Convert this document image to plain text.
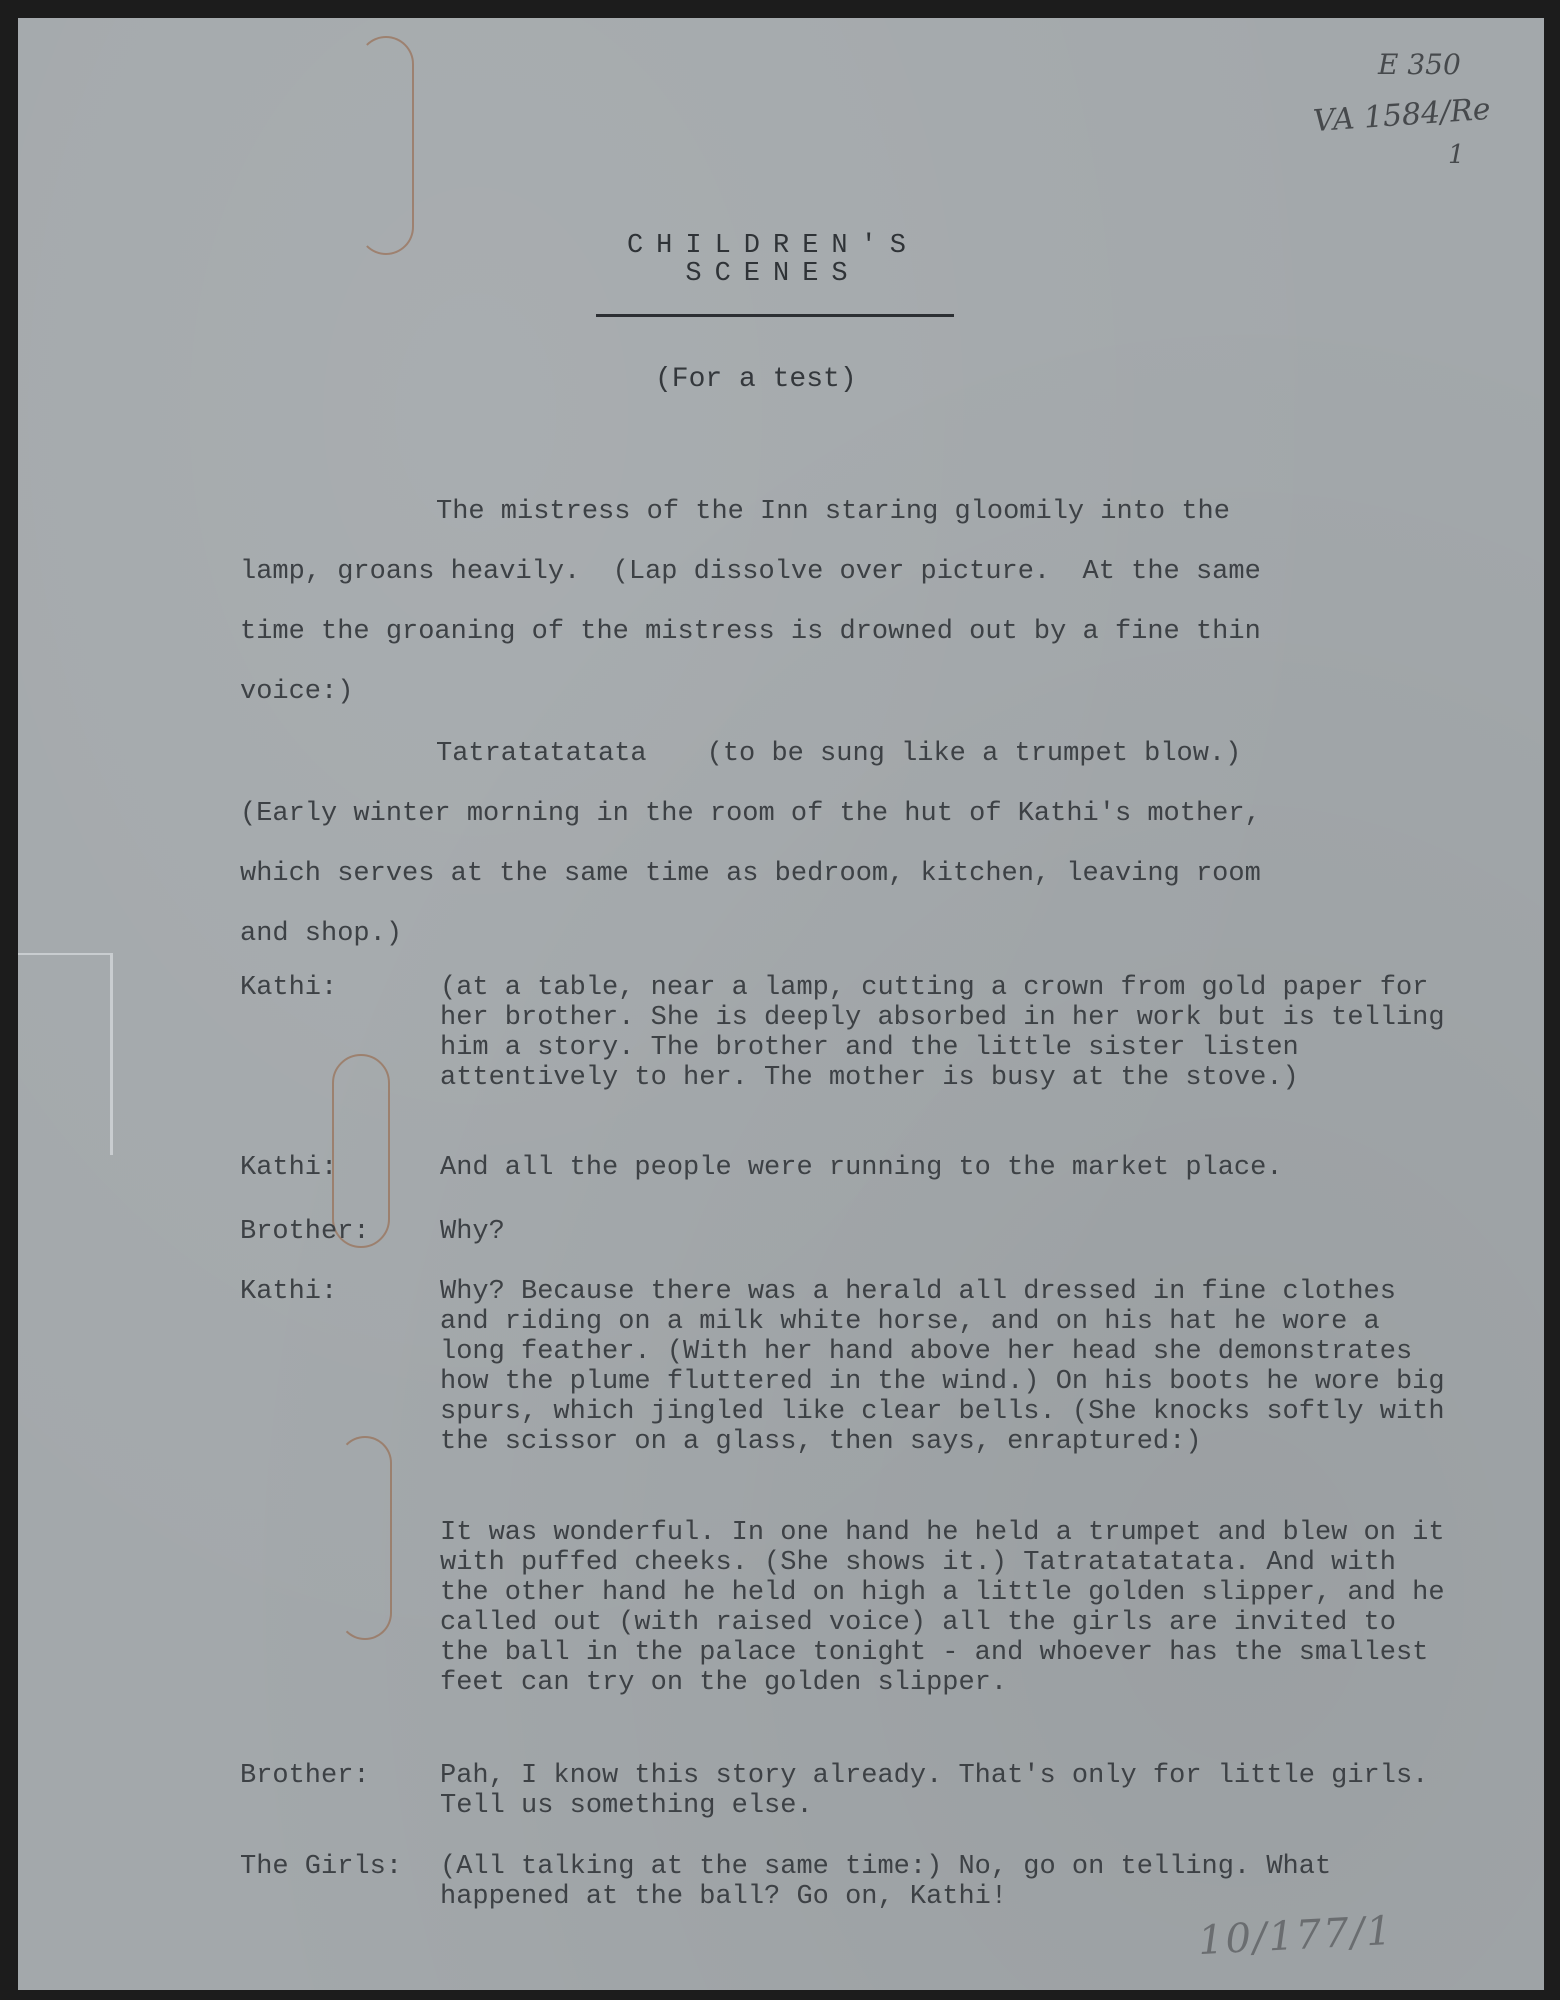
E 350
VA 1584/Re
1
CHILDREN'S
SCENES
(For a test)
The mistress of the Inn staring gloomily into the
lamp, groans heavily.  (Lap dissolve over picture.  At the same
time the groaning of the mistress is drowned out by a fine thin
voice:)
Tatratatatata (to be sung like a trumpet blow.)
(Early winter morning in the room of the hut of Kathi's mother,
which serves at the same time as bedroom, kitchen, leaving room
and shop.)
Kathi:	(at a table, near a lamp, cutting a crown from gold paper for her brother. She is deeply absorbed in her work but is telling him a story. The brother and the little sister listen attentively to her. The mother is busy at the stove.)
Kathi:	And all the people were running to the market place.
Brother:	Why?
Kathi:	Why? Because there was a herald all dressed in fine clothes and riding on a milk white horse, and on his hat he wore a long feather. (With her hand above her head she demonstrates how the plume fluttered in the wind.) On his boots he wore big spurs, which jingled like clear bells. (She knocks softly with the scissor on a glass, then says, enraptured:)
It was wonderful. In one hand he held a trumpet and blew on it with puffed cheeks. (She shows it.) Tatratatatata. And with the other hand he held on high a little golden slipper, and he called out (with raised voice) all the girls are invited to the ball in the palace tonight - and whoever has the smallest feet can try on the golden slipper.
Brother:	Pah, I know this story already. That's only for little girls. Tell us something else.
The Girls:	(All talking at the same time:) No, go on telling. What happened at the ball? Go on, Kathi!
10/177/1
